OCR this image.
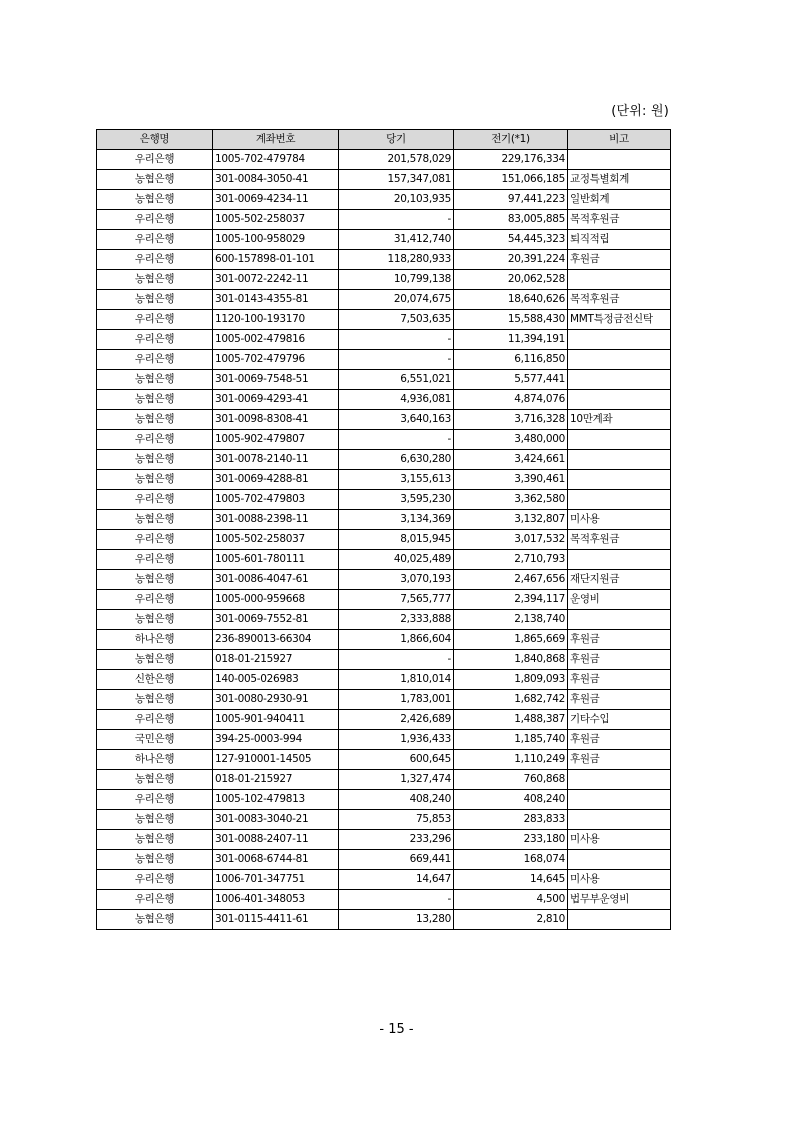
(단위: 원)
은행명	계좌번호	당기	전기(*1)	비고
우리은행	1005-702-479784	201,578,029	229,176,334	
농협은행	301-0084-3050-41	157,347,081	151,066,185	교정특별회계
농협은행	301-0069-4234-11	20,103,935	97,441,223	일반회계
우리은행	1005-502-258037	-	83,005,885	목적후원금
우리은행	1005-100-958029	31,412,740	54,445,323	퇴직적립
우리은행	600-157898-01-101	118,280,933	20,391,224	후원금
농협은행	301-0072-2242-11	10,799,138	20,062,528	
농협은행	301-0143-4355-81	20,074,675	18,640,626	목적후원금
우리은행	1120-100-193170	7,503,635	15,588,430	MMT특정금전신탁
우리은행	1005-002-479816	-	11,394,191	
우리은행	1005-702-479796	-	6,116,850	
농협은행	301-0069-7548-51	6,551,021	5,577,441	
농협은행	301-0069-4293-41	4,936,081	4,874,076	
농협은행	301-0098-8308-41	3,640,163	3,716,328	10만계좌
우리은행	1005-902-479807	-	3,480,000	
농협은행	301-0078-2140-11	6,630,280	3,424,661	
농협은행	301-0069-4288-81	3,155,613	3,390,461	
우리은행	1005-702-479803	3,595,230	3,362,580	
농협은행	301-0088-2398-11	3,134,369	3,132,807	미사용
우리은행	1005-502-258037	8,015,945	3,017,532	목적후원금
우리은행	1005-601-780111	40,025,489	2,710,793	
농협은행	301-0086-4047-61	3,070,193	2,467,656	재단지원금
우리은행	1005-000-959668	7,565,777	2,394,117	운영비
농협은행	301-0069-7552-81	2,333,888	2,138,740	
하나은행	236-890013-66304	1,866,604	1,865,669	후원금
농협은행	018-01-215927	-	1,840,868	후원금
신한은행	140-005-026983	1,810,014	1,809,093	후원금
농협은행	301-0080-2930-91	1,783,001	1,682,742	후원금
우리은행	1005-901-940411	2,426,689	1,488,387	기타수입
국민은행	394-25-0003-994	1,936,433	1,185,740	후원금
하나은행	127-910001-14505	600,645	1,110,249	후원금
농협은행	018-01-215927	1,327,474	760,868	
우리은행	1005-102-479813	408,240	408,240	
농협은행	301-0083-3040-21	75,853	283,833	
농협은행	301-0088-2407-11	233,296	233,180	미사용
농협은행	301-0068-6744-81	669,441	168,074	
우리은행	1006-701-347751	14,647	14,645	미사용
우리은행	1006-401-348053	-	4,500	법무부운영비
농협은행	301-0115-4411-61	13,280	2,810	
- 15 -
